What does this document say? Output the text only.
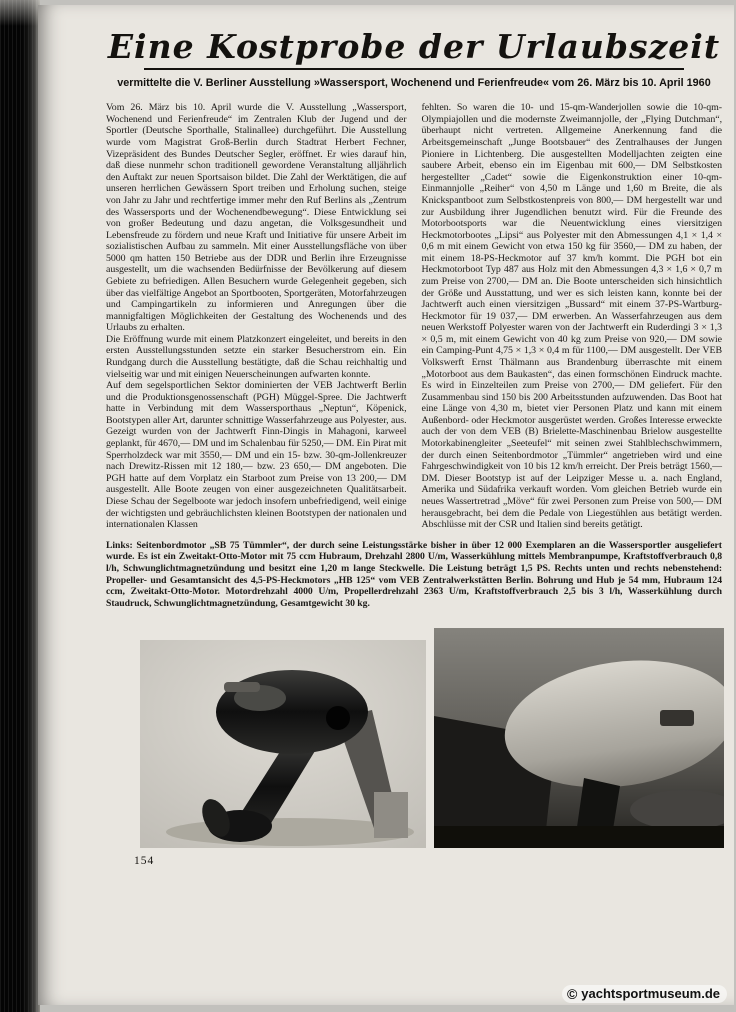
Eine Kostprobe der Urlaubszeit
vermittelte die V. Berliner Ausstellung »Wassersport, Wochenend und Ferienfreude« vom 26. März bis 10. April 1960

Vom 26. März bis 10. April wurde die V. Ausstellung „Wassersport, Wochenend und Ferienfreude“ im Zentralen Klub der Jugend und der Sportler (Deutsche Sporthalle, Stalinallee) durchgeführt. Die Ausstellung wurde vom Magistrat Groß-Berlin durch Stadtrat Herbert Fechner, Vizepräsident des Bundes Deutscher Segler, eröffnet. Er wies darauf hin, daß diese nunmehr schon traditionell gewordene Veranstaltung alljährlich den Auftakt zur neuen Sportsaison bildet. Die Zahl der Werktätigen, die auf unseren herrlichen Gewässern Sport treiben und Erholung suchen, steige von Jahr zu Jahr und rechtfertige immer mehr den Ruf Berlins als „Zentrum des Wassersports und der Wochenendbewegung“. Diese Entwicklung sei von großer Bedeutung und dazu angetan, die Volksgesundheit und Lebensfreude zu fördern und neue Kraft und Initiative für unsere Arbeit im sozialistischen Aufbau zu sammeln. Mit einer Ausstellungsfläche von über 5000 qm hatten 150 Betriebe aus der DDR und Berlin ihre Erzeugnisse ausgestellt, um die wachsenden Bedürfnisse der Bevölkerung auf diesem Gebiete zu befriedigen. Allen Besuchern wurde Gelegenheit gegeben, sich über das vielfältige Angebot an Sportbooten, Sportgeräten, Motorfahrzeugen und Campingartikeln zu informieren und Anregungen über die mannigfaltigen Möglichkeiten der Gestaltung des Wochenends und des Urlaubs zu erhalten.

Die Eröffnung wurde mit einem Platzkonzert eingeleitet, und bereits in den ersten Ausstellungsstunden setzte ein starker Besucherstrom ein. Ein Rundgang durch die Ausstellung bestätigte, daß die Schau reichhaltig und vielseitig war und mit einigen Neuerscheinungen aufwarten konnte.

Auf dem segelsportlichen Sektor dominierten der VEB Jachtwerft Berlin und die Produktionsgenossenschaft (PGH) Müggel-Spree. Die Jachtwerft hatte in Verbindung mit dem Wassersporthaus „Neptun“, Köpenick, Bootstypen aller Art, darunter schnittige Wasserfahrzeuge aus Polyester, aus. Gezeigt wurden von der Jachtwerft Finn-Dingis in Mahagoni, karweel geplankt, für 4670,— DM und im Schalenbau für 5250,— DM. Ein Pirat mit Sperrholzdeck war mit 3550,— DM und ein 15- bzw. 30-qm-Jollenkreuzer nach Drewitz-Rissen mit 12 180,— bzw. 23 650,— DM angeboten. Die PGH hatte auf dem Vorplatz ein Starboot zum Preise von 13 200,— DM ausgestellt. Alle Boote zeugen von einer ausgezeichneten Qualitätsarbeit. Diese Schau der Segelboote war jedoch insofern unbefriedigend, weil einige der wichtigsten und gebräuchlichsten kleinen Bootstypen der nationalen und internationalen Klassen

fehlten. So waren die 10- und 15-qm-Wanderjollen sowie die 10-qm-Olympiajollen und die modernste Zweimannjolle, der „Flying Dutchman“, überhaupt nicht vertreten. Allgemeine Anerkennung fand die Arbeitsgemeinschaft „Junge Bootsbauer“ des Zentralhauses der Jungen Pioniere in Lichtenberg. Die ausgestellten Modelljachten zeigten eine saubere Arbeit, ebenso ein im Eigenbau mit 600,— DM Selbstkosten hergestellter „Cadet“ sowie die Eigenkonstruktion einer 10-qm-Einmannjolle „Reiher“ von 4,50 m Länge und 1,60 m Breite, die als Knickspantboot zum Selbstkostenpreis von 800,— DM hergestellt war und zur Ausbildung ihrer Jugendlichen benutzt wird. Für die Freunde des Motorbootsports war die Neuentwicklung eines viersitzigen Heckmotorbootes „Lipsi“ aus Polyester mit den Abmessungen 4,1 × 1,4 × 0,6 m mit einem Gewicht von etwa 150 kg für 3560,— DM zu haben, der mit einem 18-PS-Heckmotor auf 37 km/h kommt. Die PGH bot ein Heckmotorboot Typ 487 aus Holz mit den Abmessungen 4,3 × 1,6 × 0,7 m zum Preise von 2700,— DM an. Die Boote unterscheiden sich hinsichtlich der Größe und Ausstattung, und wer es sich leisten kann, konnte bei der Jachtwerft auch einen viersitzigen „Bussard“ mit einem 37-PS-Wartburg-Heckmotor für 19 037,— DM erwerben. An Wasserfahrzeugen aus dem neuen Werkstoff Polyester waren von der Jachtwerft ein Ruderdingi 3 × 1,3 × 0,5 m, mit einem Gewicht von 40 kg zum Preise von 920,— DM sowie ein Camping-Punt 4,75 × 1,3 × 0,4 m für 1100,— DM ausgestellt. Der VEB Volkswerft Ernst Thälmann aus Brandenburg überraschte mit einem „Motorboot aus dem Baukasten“, das einen formschönen Eindruck machte. Es wird in Einzelteilen zum Preise von 2700,— DM geliefert. Für den Zusammenbau sind 150 bis 200 Arbeitsstunden aufzuwenden. Das Boot hat eine Länge von 4,30 m, bietet vier Personen Platz und kann mit einem Außenbord- oder Heckmotor ausgerüstet werden. Großes Interesse erweckte auch der von dem VEB (B) Brielette-Maschinenbau Brielow ausgestellte Motorkabinengleiter „Seeteufel“ mit seinen zwei Stahlblechschwimmern, der durch einen Seitenbordmotor „Tümmler“ angetrieben wird und eine Fahrgeschwindigkeit von 10 bis 12 km/h erreicht. Der Preis beträgt 1560,— DM. Dieser Bootstyp ist auf der Leipziger Messe u. a. nach England, Amerika und Südafrika verkauft worden. Vom gleichen Betrieb wurde ein neues Wassertretrad „Möve“ für zwei Personen zum Preise von 500,— DM herausgebracht, bei dem die Pedale von Liegestühlen aus betätigt werden. Abschlüsse mit der CSR und Italien sind bereits getätigt.

Links: Seitenbordmotor „SB 75 Tümmler“, der durch seine Leistungsstärke bisher in über 12 000 Exemplaren an die Wassersportler ausgeliefert wurde. Es ist ein Zweitakt-Otto-Motor mit 75 ccm Hubraum, Drehzahl 2800 U/m, Wasserkühlung mittels Membranpumpe, Kraftstoffverbrauch 0,8 l/h, Schwunglichtmagnetzündung und besitzt eine 1,20 m lange Steckwelle. Die Leistung beträgt 1,5 PS. Rechts unten und rechts nebenstehend: Propeller- und Gesamtansicht des 4,5-PS-Heckmotors „HB 125“ vom VEB Zentralwerkstätten Berlin. Bohrung und Hub je 54 mm, Hubraum 124 ccm, Zweitakt-Otto-Motor. Motordrehzahl 4000 U/m, Propellerdrehzahl 2363 U/m, Kraftstoffverbrauch 2,5 bis 3 l/h, Wasserkühlung durch Staudruck, Schwunglichtmagnetzündung, Gesamtgewicht 30 kg.

154
© yachtsportmuseum.de
